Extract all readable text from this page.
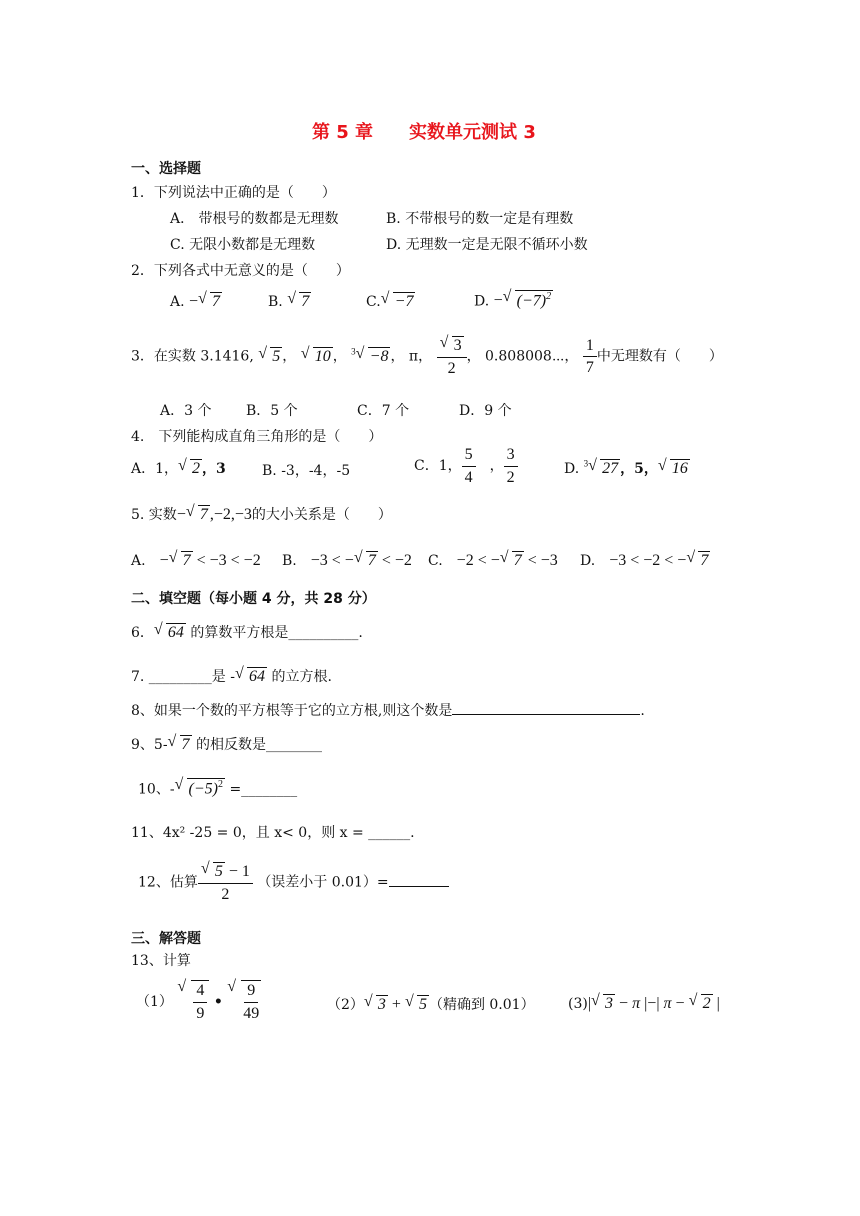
第 5 章　　实数单元测试 3
一、选择题
1．下列说法中正确的是（　　）
A． 带根号的数都是无理数	B. 不带根号的数一定是有理数
C. 无限小数都是无理数	D. 无理数一定是无限不循环小数
2．下列各式中无意义的是（　　）
A. − √ 7	B. √ 7	C. √ −7	D. − √ $(-7)^2$
3．在实数 3.1416, √ 5 ， √ 10 ， $^3$ √ −8 ， π， √ $\frac{3}{2}$ ， 0.808008⋯， $\frac{1}{7}$ 中无理数有（　　）
A．3 个 B．5 个	C．7 个	D．9 个
4.　下列能构成直角三角形的是（　　）
A．1， √ 2 ，3	B. -3，-4，-5	C．1， $\frac{5}{4}$ 　， $\frac{3}{2}$	D. $^3$ √ 27 ，5， √ 16
5. 实数− √ 7 ,−2,−3的大小关系是（　　）
A.　 − √ 7 < −3 < −2 B.　 −3 < − √ 7 < −2 C.　 −2 < − √ 7 < −3 D.　 −3 < −2 < − √ 7
二、填空题（每小题 4 分，共 28 分）
6． √ 64 的算数平方根是__________.
7. _________是 - √ 64 的立方根.
8、如果一个数的平方根等于它的立方根,则这个数是	.
9、5- √ 7 的相反数是________
10、- √ $(-5)^2$ =________
11、4x² -25 = 0，且 x< 0，则 x = ______.
12、估算 √ $\frac{5 - 1}{2}$ （误差小于 0.01）=
三、解答题
13、计算
（1） √ $\frac{4}{9}$ • √ $\frac{9}{49}$	（2） √ 3 + √ 5 （精确到 0.01） (3)| √ 3 − π |−| π − √ 2 |
